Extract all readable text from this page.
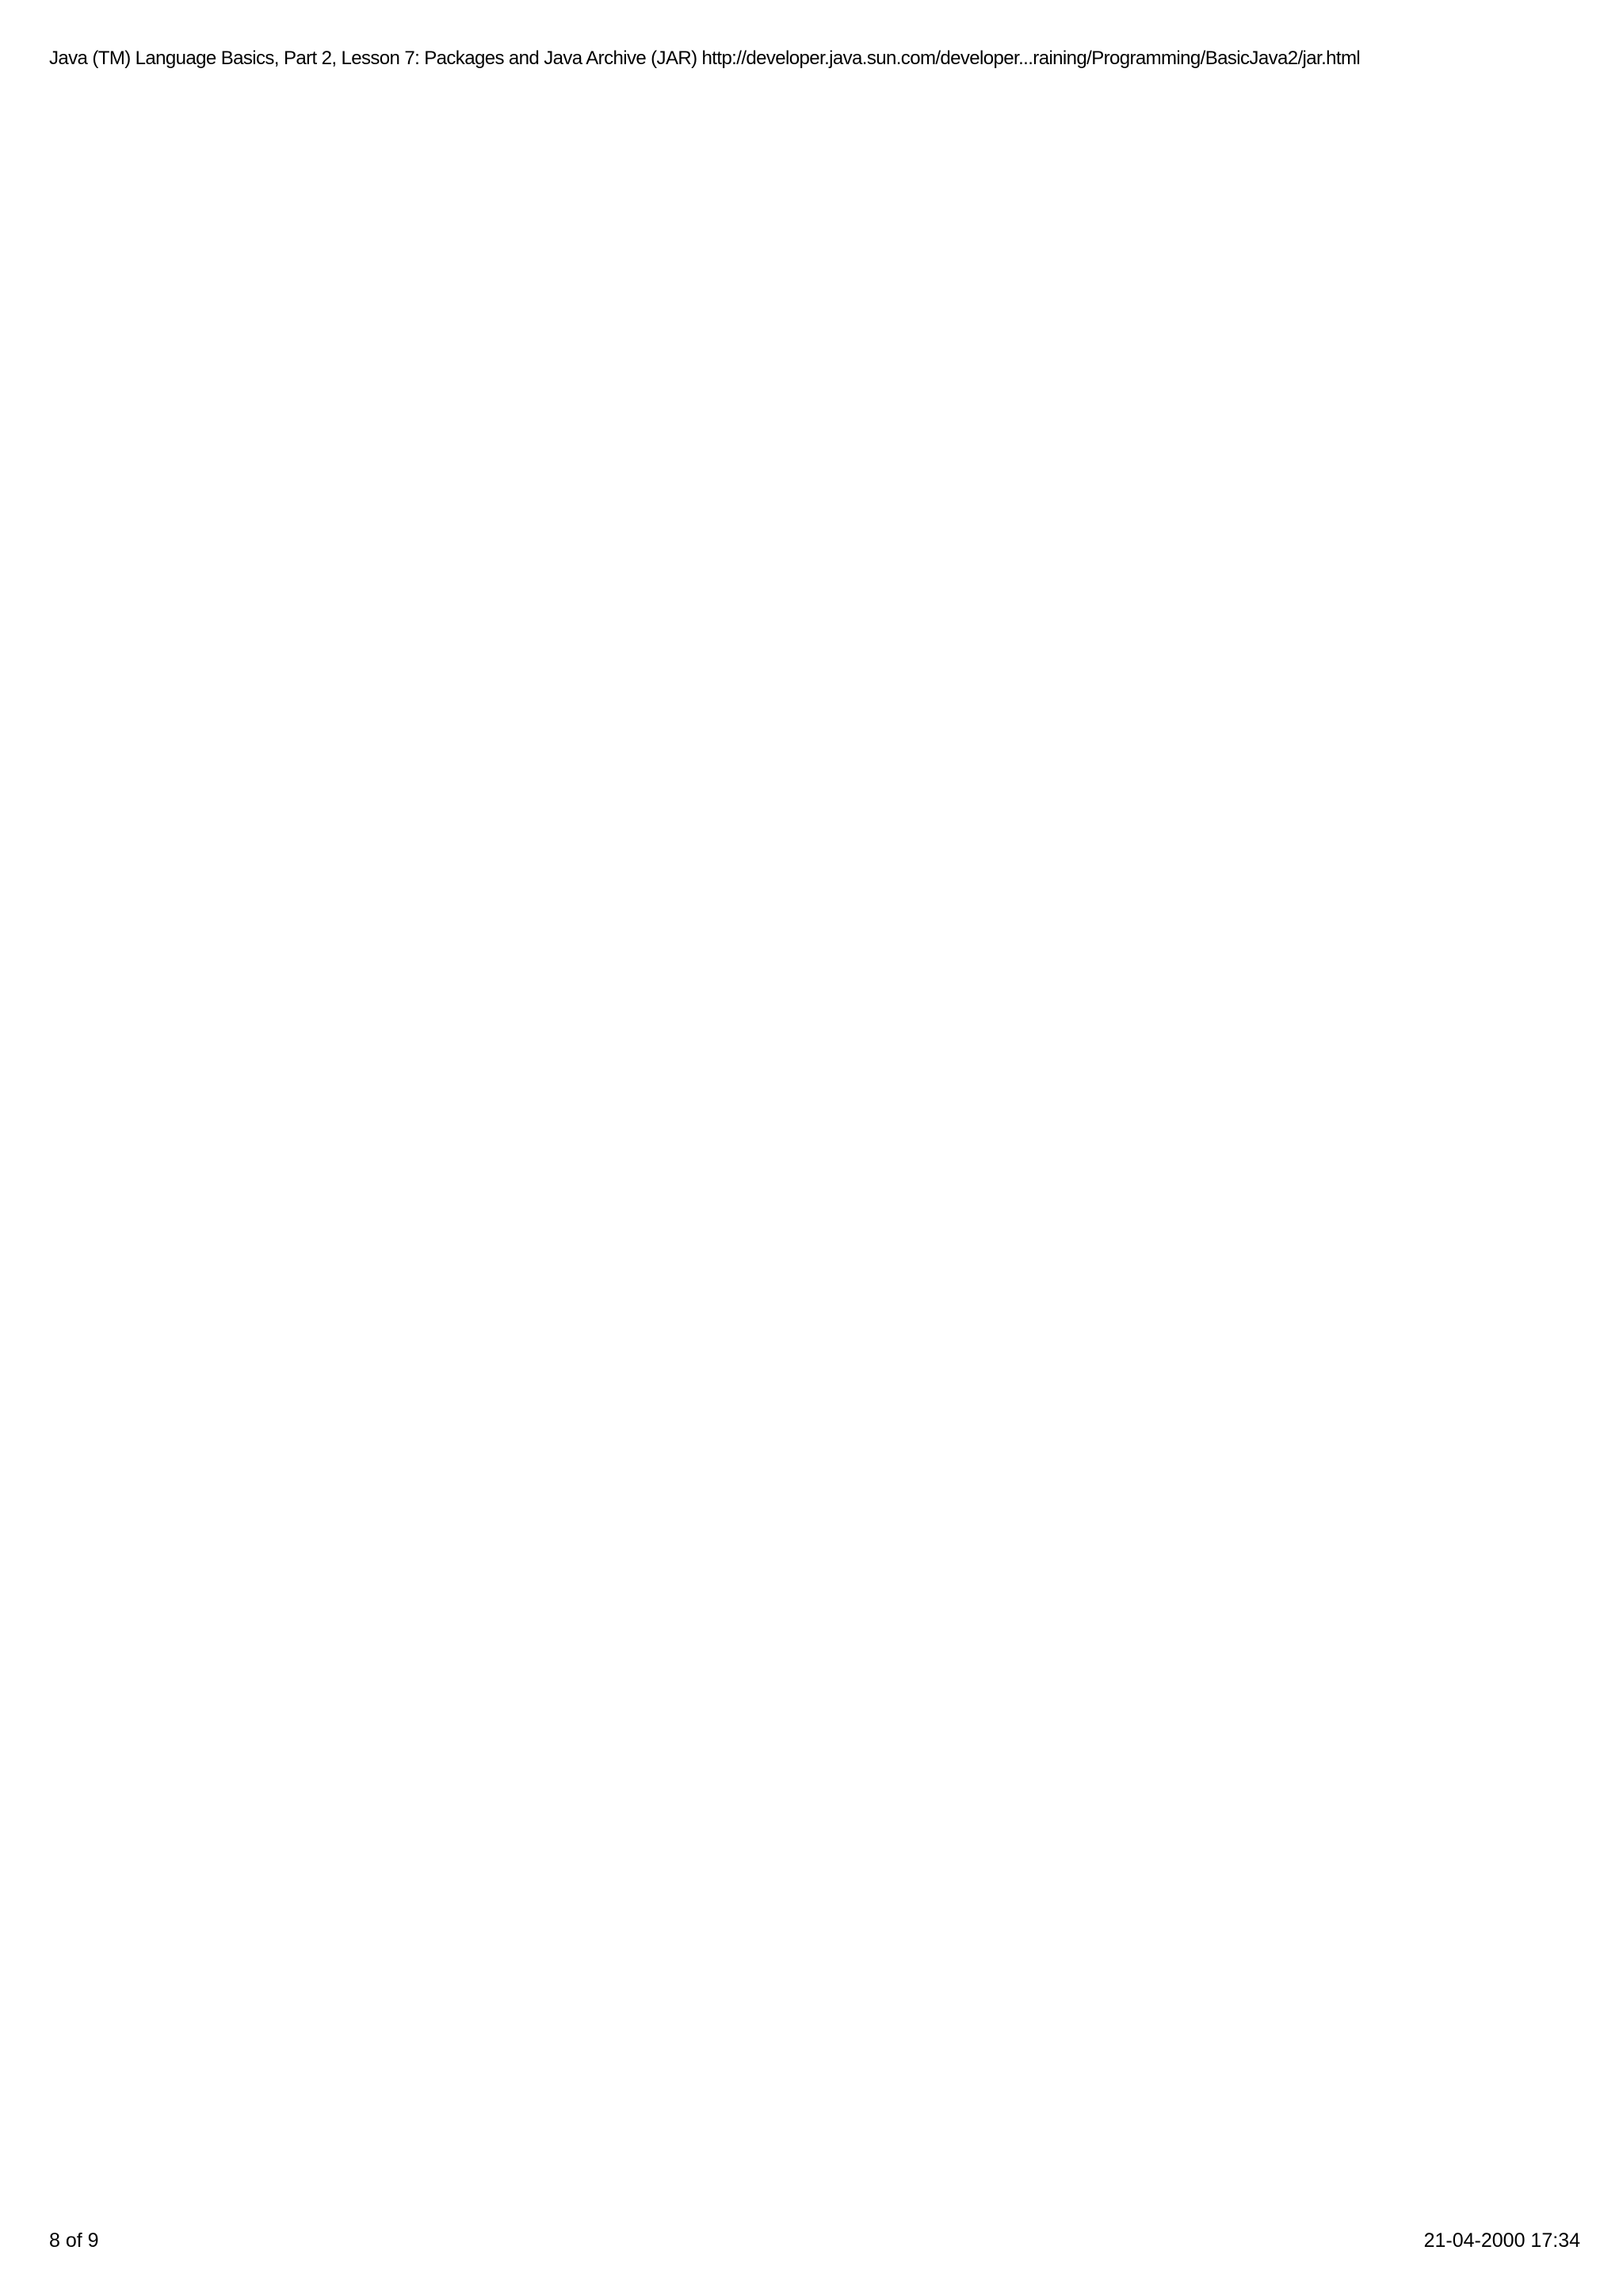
Java (TM) Language Basics, Part 2, Lesson 7: Packages and Java Archive (JAR) http://developer.java.sun.com/developer...raining/Programming/BasicJava2/jar.html
8 of 9	21-04-2000 17:34
